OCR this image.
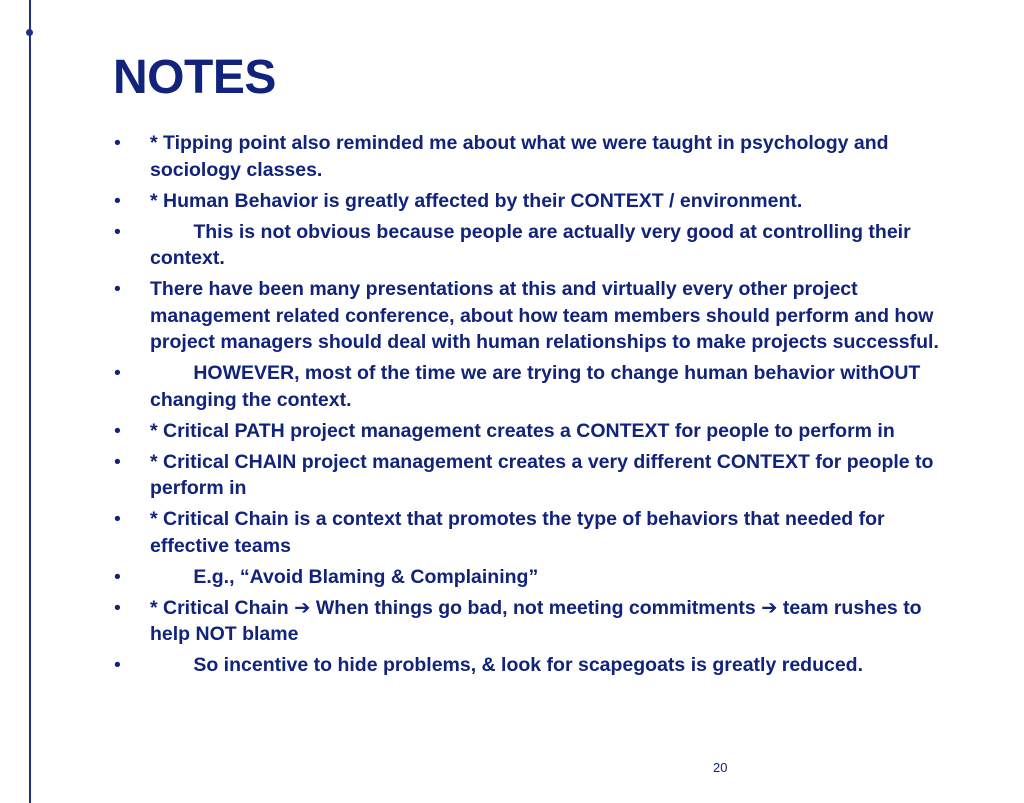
NOTES
•	* Tipping point also reminded me about what we were taught in psychology and sociology classes.
•	* Human Behavior is greatly affected by their CONTEXT / environment.
•		This is not obvious because people are actually very good at controlling their context.
•	There have been many presentations at this and virtually every other project management related conference, about how team members should perform and how project managers should deal with human relationships to make projects successful.
•		HOWEVER, most of the time we are trying to change human behavior withOUT changing the context.
•	* Critical PATH project management creates a CONTEXT for people to perform in
•	* Critical CHAIN project management creates a very different CONTEXT for people to perform in
•	* Critical Chain is a context that promotes the type of behaviors that needed for effective teams
•		E.g., “Avoid Blaming & Complaining”
•	* Critical Chain ➔ When things go bad, not meeting commitments ➔ team rushes to help NOT blame
•		So incentive to hide problems, & look for scapegoats is greatly reduced.
20
